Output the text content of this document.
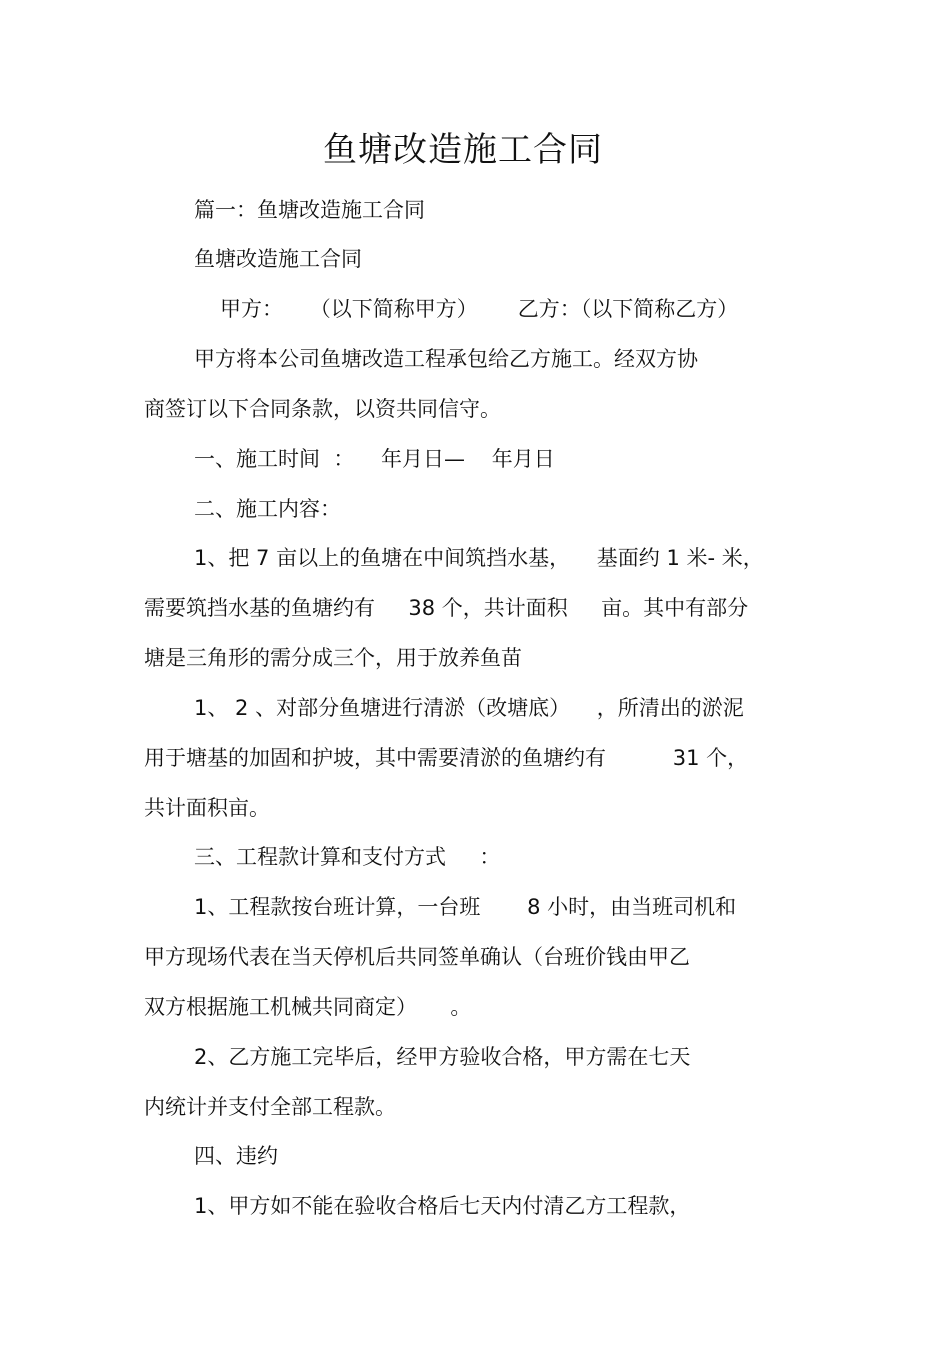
鱼塘改造施工合同
篇一：鱼塘改造施工合同
鱼塘改造施工合同
甲方：    （以下简称甲方）      乙方：（以下简称乙方）
甲方将本公司鱼塘改造工程承包给乙方施工。经双方协
商签订以下合同条款，以资共同信守。
一、施工时间  ：    年月日—    年月日
二、施工内容：
1、把 7 亩以上的鱼塘在中间筑挡水基，    基面约 1 米- 米，
需要筑挡水基的鱼塘约有     38 个，共计面积     亩。其中有部分
塘是三角形的需分成三个，用于放养鱼苗
1、 2 、对部分鱼塘进行清淤（改塘底）    ，所清出的淤泥
用于塘基的加固和护坡，其中需要清淤的鱼塘约有          31 个，
共计面积亩。
三、工程款计算和支付方式     ：
1、工程款按台班计算，一台班       8 小时，由当班司机和
甲方现场代表在当天停机后共同签单确认（台班价钱由甲乙
双方根据施工机械共同商定）     。
2、乙方施工完毕后，经甲方验收合格，甲方需在七天
内统计并支付全部工程款。
四、违约
1、甲方如不能在验收合格后七天内付清乙方工程款，
